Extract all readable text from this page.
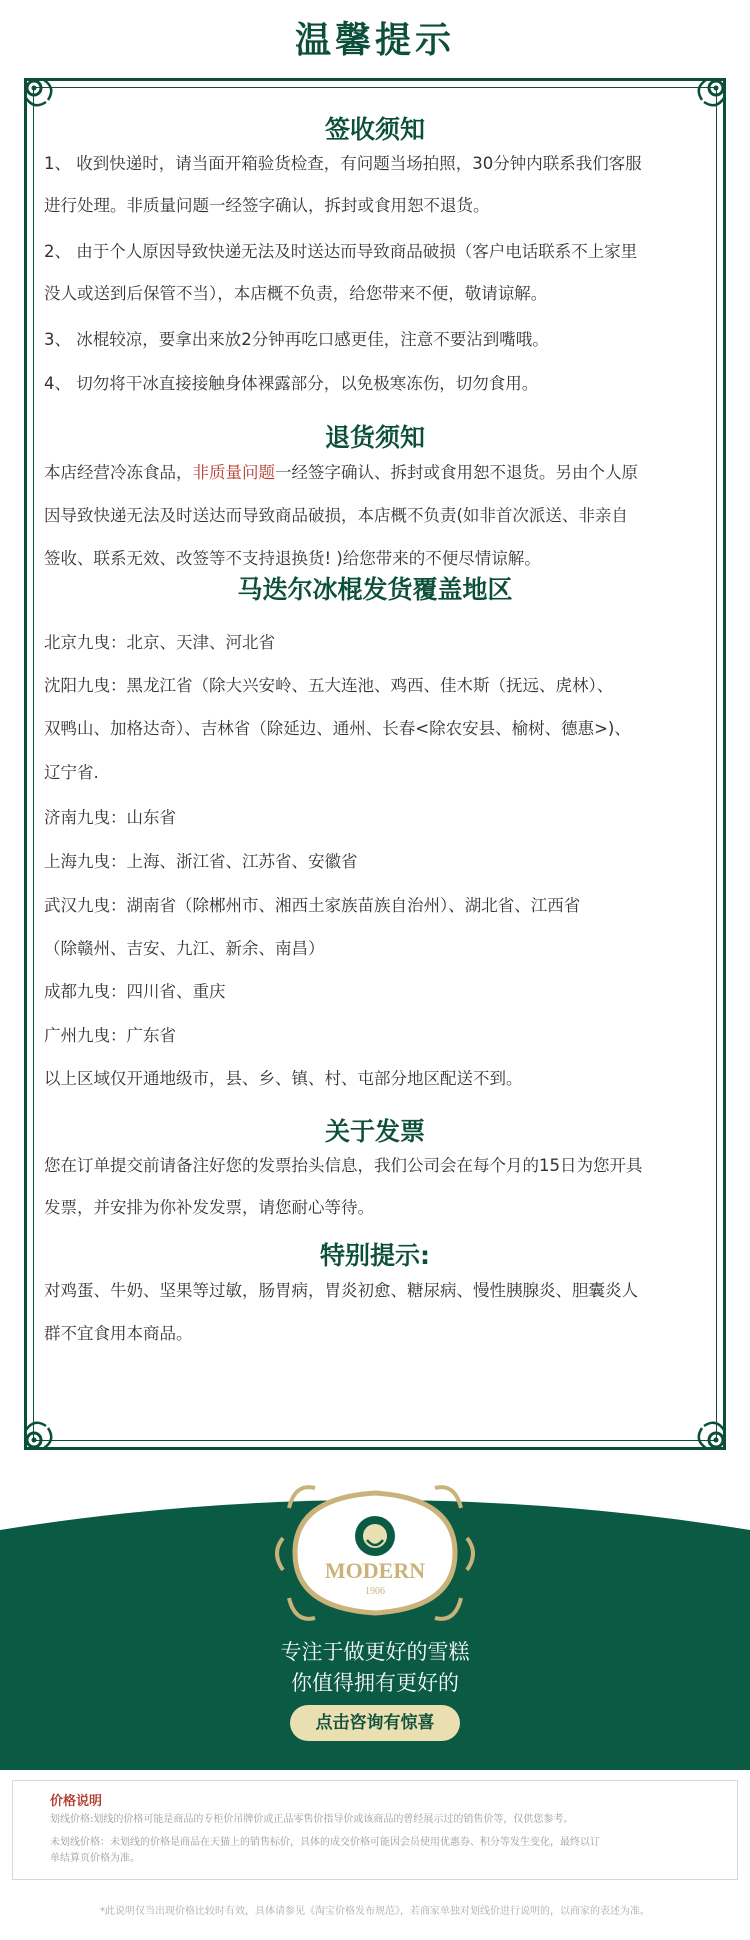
温馨提示
签收须知
1、 收到快递时，请当面开箱验货检查，有问题当场拍照，30分钟内联系我们客服
进行处理。非质量问题一经签字确认，拆封或食用恕不退货。
2、 由于个人原因导致快递无法及时送达而导致商品破损（客户电话联系不上家里
没人或送到后保管不当），本店概不负责，给您带来不便，敬请谅解。
3、 冰棍较凉，要拿出来放2分钟再吃口感更佳，注意不要沾到嘴哦。
4、 切勿将干冰直接接触身体裸露部分，以免极寒冻伤，切勿食用。
退货须知
本店经营冷冻食品，非质量问题一经签字确认、拆封或食用恕不退货。另由个人原
因导致快递无法及时送达而导致商品破损，本店概不负责(如非首次派送、非亲自
签收、联系无效、改签等不支持退换货! )给您带来的不便尽情谅解。
马迭尔冰棍发货覆盖地区
北京九曳：北京、天津、河北省
沈阳九曳：黑龙江省（除大兴安岭、五大连池、鸡西、佳木斯（抚远、虎林）、
双鸭山、加格达奇）、吉林省（除延边、通州、长春<除农安县、榆树、德惠>)、
辽宁省.
济南九曳：山东省
上海九曳：上海、浙江省、江苏省、安徽省
武汉九曳：湖南省（除郴州市、湘西土家族苗族自治州）、湖北省、江西省
（除赣州、吉安、九江、新余、南昌）
成都九曳：四川省、重庆
广州九曳：广东省
以上区域仅开通地级市，县、乡、镇、村、屯部分地区配送不到。
关于发票
您在订单提交前请备注好您的发票抬头信息，我们公司会在每个月的15日为您开具
发票，并安排为你补发发票，请您耐心等待。
特别提示:
对鸡蛋、牛奶、坚果等过敏，肠胃病，胃炎初愈、糖尿病、慢性胰腺炎、胆囊炎人
群不宜食用本商品。
MODERN
1906
专注于做更好的雪糕
你值得拥有更好的
点击咨询有惊喜
价格说明
划线价格:划线的价格可能是商品的专柜价吊牌价或正品零售价指导价或该商品的曾经展示过的销售价等，仅供您参考。
未划线价格：未划线的价格是商品在天猫上的销售标价，具体的成交价格可能因会员使用优惠券、积分等发生变化，最终以订
单结算页价格为准。
*此说明仅当出现价格比较时有效，具体请参见《淘宝价格发布规范》，若商家单独对划线价进行说明的，以商家的表述为准。
